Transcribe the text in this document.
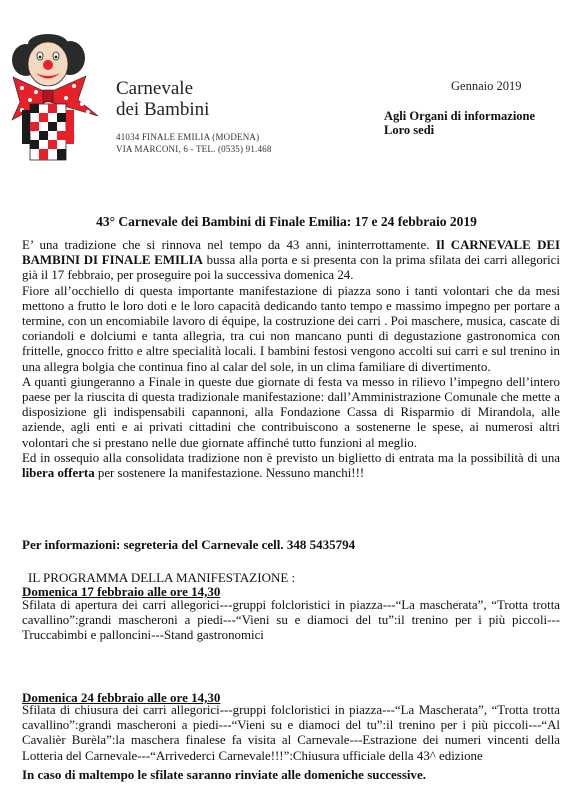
Carnevale
dei Bambini
41034 FINALE EMILIA (MODENA)
VIA MARCONI, 6 - TEL. (0535) 91.468
Gennaio 2019
Agli Organi di informazione
Loro sedi
43° Carnevale dei Bambini di Finale Emilia: 17 e 24 febbraio 2019

E’ una tradizione che si rinnova nel tempo da 43 anni, ininterrottamente. Il CARNEVALE DEI BAMBINI DI FINALE EMILIA bussa alla porta e si presenta con la prima sfilata dei carri allegorici già il 17 febbraio, per proseguire poi la successiva domenica 24.

Fiore all’occhiello di questa importante manifestazione di piazza sono i tanti volontari che da mesi mettono a frutto le loro doti e le loro capacità dedicando tanto tempo e massimo impegno per portare a termine, con un encomiabile lavoro di équipe, la costruzione dei carri . Poi maschere, musica, cascate di coriandoli e dolciumi e tanta allegria, tra cui non mancano punti di degustazione gastronomica con frittelle, gnocco fritto e altre specialità locali. I bambini festosi vengono accolti sui carri e sul trenino in una allegra bolgia che continua fino al calar del sole, in un clima familiare di divertimento.

A quanti giungeranno a Finale in queste due giornate di festa va messo in rilievo l’impegno dell’intero paese per la riuscita di questa tradizionale manifestazione: dall’Amministrazione Comunale che mette a disposizione gli indispensabili capannoni, alla Fondazione Cassa di Risparmio di Mirandola, alle aziende, agli enti e ai privati cittadini che contribuiscono a sostenerne le spese, ai numerosi altri volontari che si prestano nelle due giornate affinché tutto funzioni al meglio.

Ed in ossequio alla consolidata tradizione non è previsto un biglietto di entrata ma la possibilità di una libera offerta per sostenere la manifestazione. Nessuno manchi!!!

Per informazioni: segreteria del Carnevale cell. 348 5435794
IL PROGRAMMA DELLA MANIFESTAZIONE :
Domenica 17 febbraio alle ore 14,30
Sfilata di apertura dei carri allegorici---gruppi folcloristici in piazza---“La mascherata”, “Trotta trotta cavallino”:grandi mascheroni a piedi---“Vieni su e diamoci del tu”:il trenino per i più piccoli---Truccabimbi e palloncini---Stand gastronomici
Domenica 24 febbraio alle ore 14,30
Sfilata di chiusura dei carri allegorici---gruppi folcloristici in piazza---“La Mascherata”, “Trotta trotta cavallino”:grandi mascheroni a piedi---“Vieni su e diamoci del tu”:il trenino per i più piccoli---“Al Cavalièr Burèla”:la maschera finalese fa visita al Carnevale---Estrazione dei numeri vincenti della Lotteria del Carnevale---“Arrivederci Carnevale!!!”:Chiusura ufficiale della 43^ edizione
In caso di maltempo le sfilate saranno rinviate alle domeniche successive.
